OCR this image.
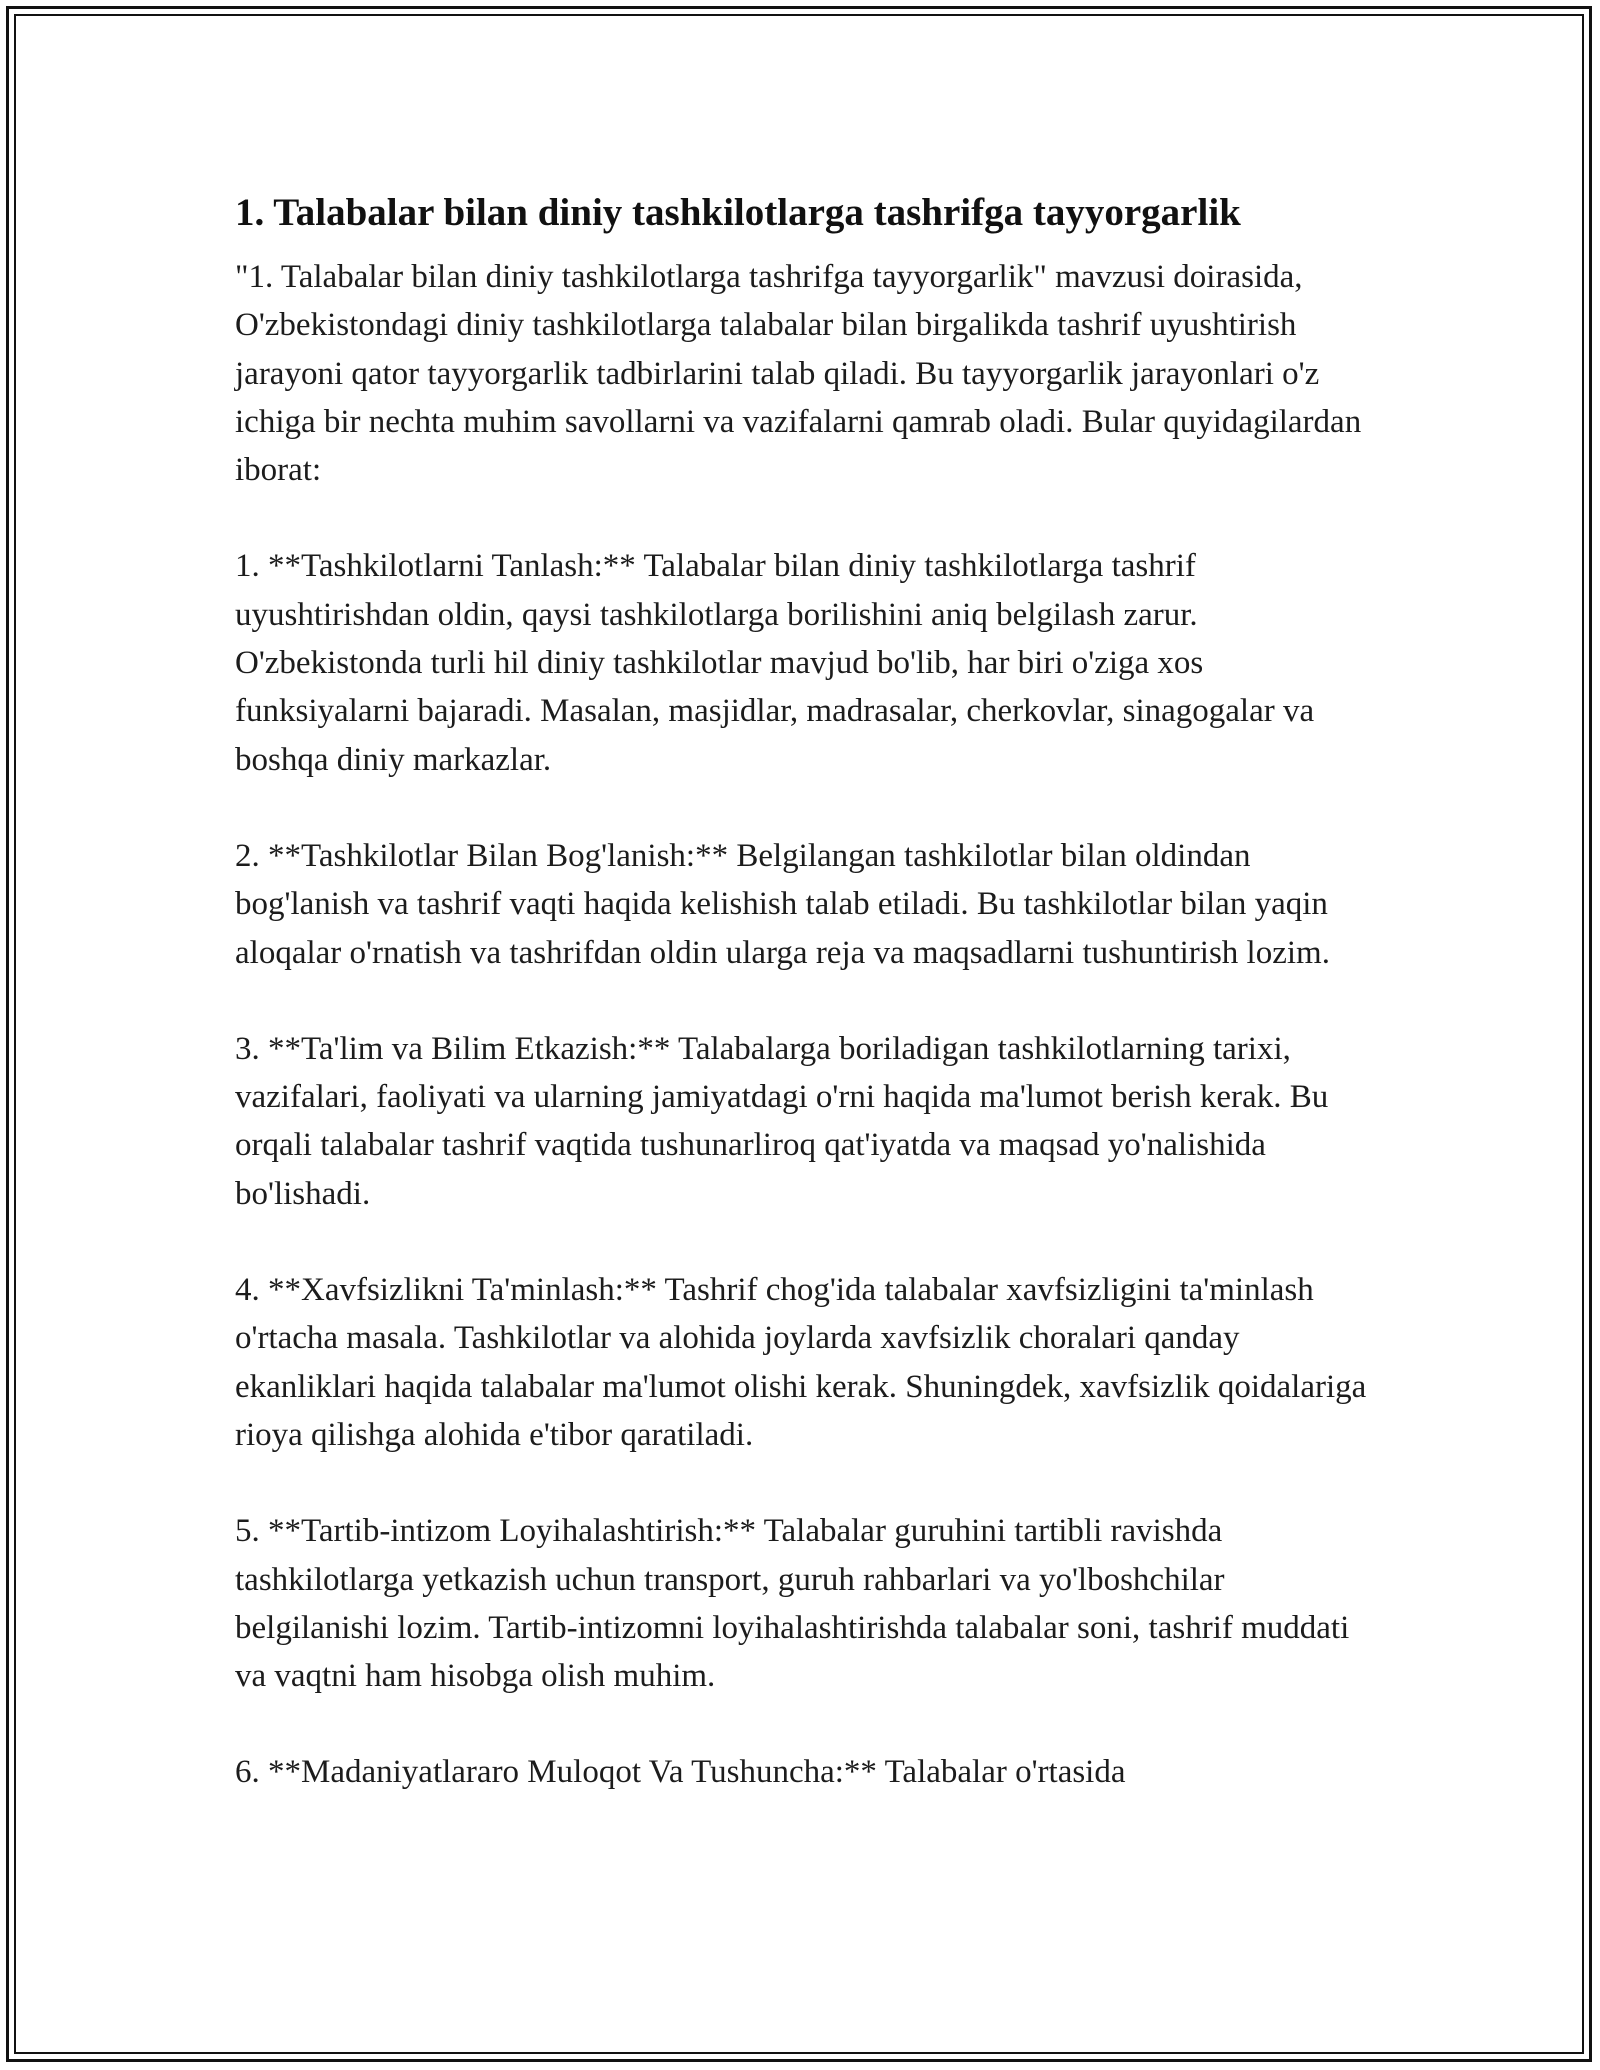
1. Talabalar bilan diniy tashkilotlarga tashrifga tayyorgarlik

"1. Talabalar bilan diniy tashkilotlarga tashrifga tayyorgarlik" mavzusi doirasida, O'zbekistondagi diniy tashkilotlarga talabalar bilan birgalikda tashrif uyushtirish jarayoni qator tayyorgarlik tadbirlarini talab qiladi. Bu tayyorgarlik jarayonlari o'z ichiga bir nechta muhim savollarni va vazifalarni qamrab oladi. Bular quyidagilardan iborat:

1. **Tashkilotlarni Tanlash:** Talabalar bilan diniy tashkilotlarga tashrif uyushtirishdan oldin, qaysi tashkilotlarga borilishini aniq belgilash zarur. O'zbekistonda turli hil diniy tashkilotlar mavjud bo'lib, har biri o'ziga xos funksiyalarni bajaradi. Masalan, masjidlar, madrasalar, cherkovlar, sinagogalar va boshqa diniy markazlar.

2. **Tashkilotlar Bilan Bog'lanish:** Belgilangan tashkilotlar bilan oldindan bog'lanish va tashrif vaqti haqida kelishish talab etiladi. Bu tashkilotlar bilan yaqin aloqalar o'rnatish va tashrifdan oldin ularga reja va maqsadlarni tushuntirish lozim.

3. **Ta'lim va Bilim Etkazish:** Talabalarga boriladigan tashkilotlarning tarixi, vazifalari, faoliyati va ularning jamiyatdagi o'rni haqida ma'lumot berish kerak. Bu orqali talabalar tashrif vaqtida tushunarliroq qat'iyatda va maqsad yo'nalishida bo'lishadi.

4. **Xavfsizlikni Ta'minlash:** Tashrif chog'ida talabalar xavfsizligini ta'minlash o'rtacha masala. Tashkilotlar va alohida joylarda xavfsizlik choralari qanday ekanliklari haqida talabalar ma'lumot olishi kerak. Shuningdek, xavfsizlik qoidalariga rioya qilishga alohida e'tibor qaratiladi.

5. **Tartib-intizom Loyihalashtirish:** Talabalar guruhini tartibli ravishda tashkilotlarga yetkazish uchun transport, guruh rahbarlari va yo'lboshchilar belgilanishi lozim. Tartib-intizomni loyihalashtirishda talabalar soni, tashrif muddati va vaqtni ham hisobga olish muhim.

6. **Madaniyatlararo Muloqot Va Tushuncha:** Talabalar o'rtasida
